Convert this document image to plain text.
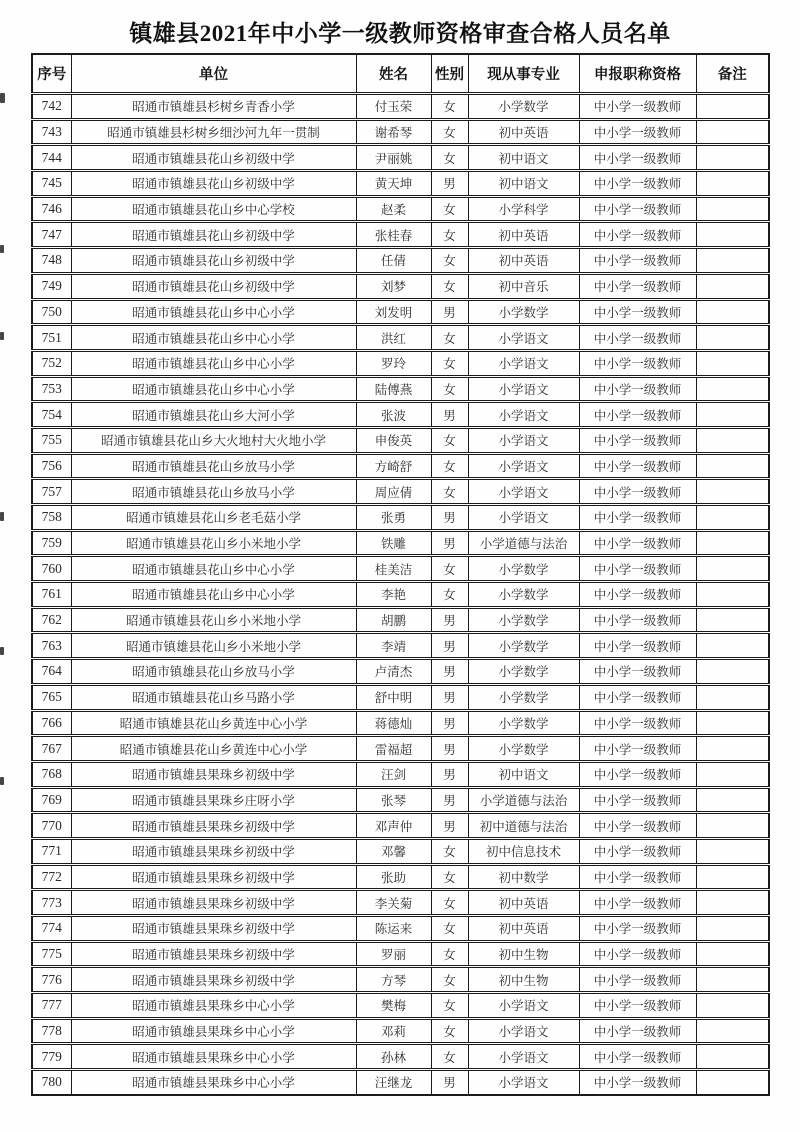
镇雄县2021年中小学一级教师资格审查合格人员名单
序号	单位	姓名	性别	现从事专业	申报职称资格	备注
742	昭通市镇雄县杉树乡青香小学	付玉荣	女	小学数学	中小学一级教师	
743	昭通市镇雄县杉树乡细沙河九年一贯制	谢希琴	女	初中英语	中小学一级教师	
744	昭通市镇雄县花山乡初级中学	尹丽姚	女	初中语文	中小学一级教师	
745	昭通市镇雄县花山乡初级中学	黄天坤	男	初中语文	中小学一级教师	
746	昭通市镇雄县花山乡中心学校	赵柔	女	小学科学	中小学一级教师	
747	昭通市镇雄县花山乡初级中学	张桂春	女	初中英语	中小学一级教师	
748	昭通市镇雄县花山乡初级中学	任倩	女	初中英语	中小学一级教师	
749	昭通市镇雄县花山乡初级中学	刘梦	女	初中音乐	中小学一级教师	
750	昭通市镇雄县花山乡中心小学	刘发明	男	小学数学	中小学一级教师	
751	昭通市镇雄县花山乡中心小学	洪红	女	小学语文	中小学一级教师	
752	昭通市镇雄县花山乡中心小学	罗玲	女	小学语文	中小学一级教师	
753	昭通市镇雄县花山乡中心小学	陆傅燕	女	小学语文	中小学一级教师	
754	昭通市镇雄县花山乡大河小学	张波	男	小学语文	中小学一级教师	
755	昭通市镇雄县花山乡大火地村大火地小学	申俊英	女	小学语文	中小学一级教师	
756	昭通市镇雄县花山乡放马小学	方崎舒	女	小学语文	中小学一级教师	
757	昭通市镇雄县花山乡放马小学	周应倩	女	小学语文	中小学一级教师	
758	昭通市镇雄县花山乡老毛菇小学	张勇	男	小学语文	中小学一级教师	
759	昭通市镇雄县花山乡小米地小学	铁雕	男	小学道德与法治	中小学一级教师	
760	昭通市镇雄县花山乡中心小学	桂美洁	女	小学数学	中小学一级教师	
761	昭通市镇雄县花山乡中心小学	李艳	女	小学数学	中小学一级教师	
762	昭通市镇雄县花山乡小米地小学	胡鹏	男	小学数学	中小学一级教师	
763	昭通市镇雄县花山乡小米地小学	李靖	男	小学数学	中小学一级教师	
764	昭通市镇雄县花山乡放马小学	卢清杰	男	小学数学	中小学一级教师	
765	昭通市镇雄县花山乡马路小学	舒中明	男	小学数学	中小学一级教师	
766	昭通市镇雄县花山乡黄连中心小学	蒋德灿	男	小学数学	中小学一级教师	
767	昭通市镇雄县花山乡黄连中心小学	雷福超	男	小学数学	中小学一级教师	
768	昭通市镇雄县果珠乡初级中学	汪剑	男	初中语文	中小学一级教师	
769	昭通市镇雄县果珠乡庄呀小学	张琴	男	小学道德与法治	中小学一级教师	
770	昭通市镇雄县果珠乡初级中学	邓声仲	男	初中道德与法治	中小学一级教师	
771	昭通市镇雄县果珠乡初级中学	邓馨	女	初中信息技术	中小学一级教师	
772	昭通市镇雄县果珠乡初级中学	张助	女	初中数学	中小学一级教师	
773	昭通市镇雄县果珠乡初级中学	李关菊	女	初中英语	中小学一级教师	
774	昭通市镇雄县果珠乡初级中学	陈运来	女	初中英语	中小学一级教师	
775	昭通市镇雄县果珠乡初级中学	罗丽	女	初中生物	中小学一级教师	
776	昭通市镇雄县果珠乡初级中学	方琴	女	初中生物	中小学一级教师	
777	昭通市镇雄县果珠乡中心小学	樊梅	女	小学语文	中小学一级教师	
778	昭通市镇雄县果珠乡中心小学	邓莉	女	小学语文	中小学一级教师	
779	昭通市镇雄县果珠乡中心小学	孙林	女	小学语文	中小学一级教师	
780	昭通市镇雄县果珠乡中心小学	汪继龙	男	小学语文	中小学一级教师	
